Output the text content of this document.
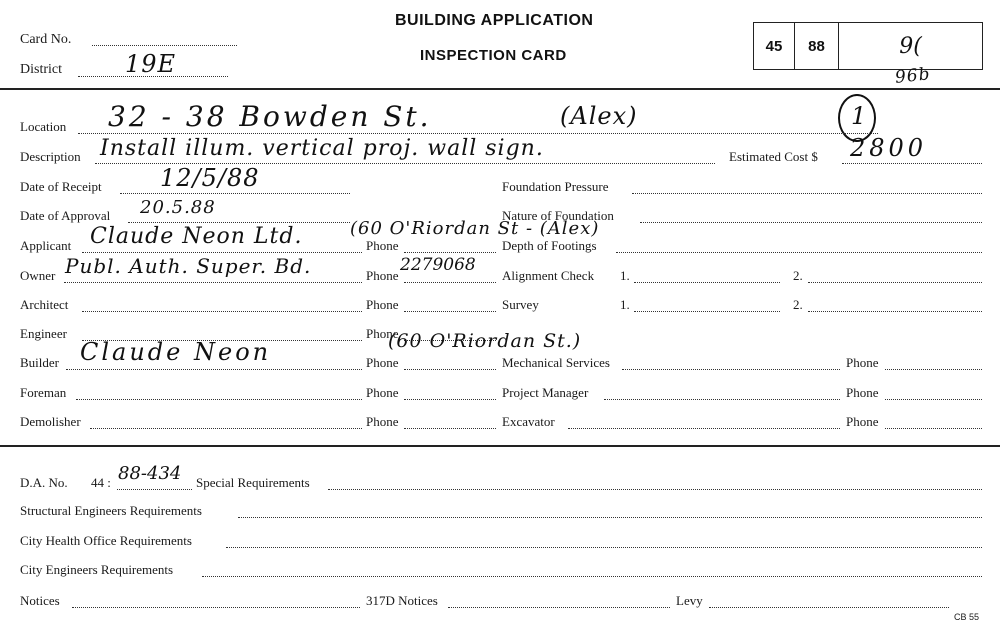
Card No.
District	19E
BUILDING APPLICATION
INSPECTION CARD
45	88	9(
96b
1
Location 32 - 38 Bowden St.	(Alex)
Description Install illum. vertical proj. wall sign.	Estimated Cost $ 2800
Date of Receipt 12/5/88
Date of Approval 20.5.88
Applicant Claude Neon Ltd.	Phone
(60 O'Riordan St - (Alex)
Owner Publ. Auth. Super. Bd.	Phone
2279068
Architect	Phone
Engineer	Phone
Builder Claude Neon	Phone
(60 O'Riordan St.)
Foreman	Phone
Demolisher	Phone
Foundation Pressure
Nature of Foundation
Depth of Footings
Alignment Check 1.	2.
Survey	1.	2.
Mechanical Services	Phone
Project Manager	Phone
Excavator	Phone
D.A. No. 44 : 88-434 Special Requirements
Structural Engineers Requirements
City Health Office Requirements
City Engineers Requirements
Notices	317D Notices	Levy
CB 55
